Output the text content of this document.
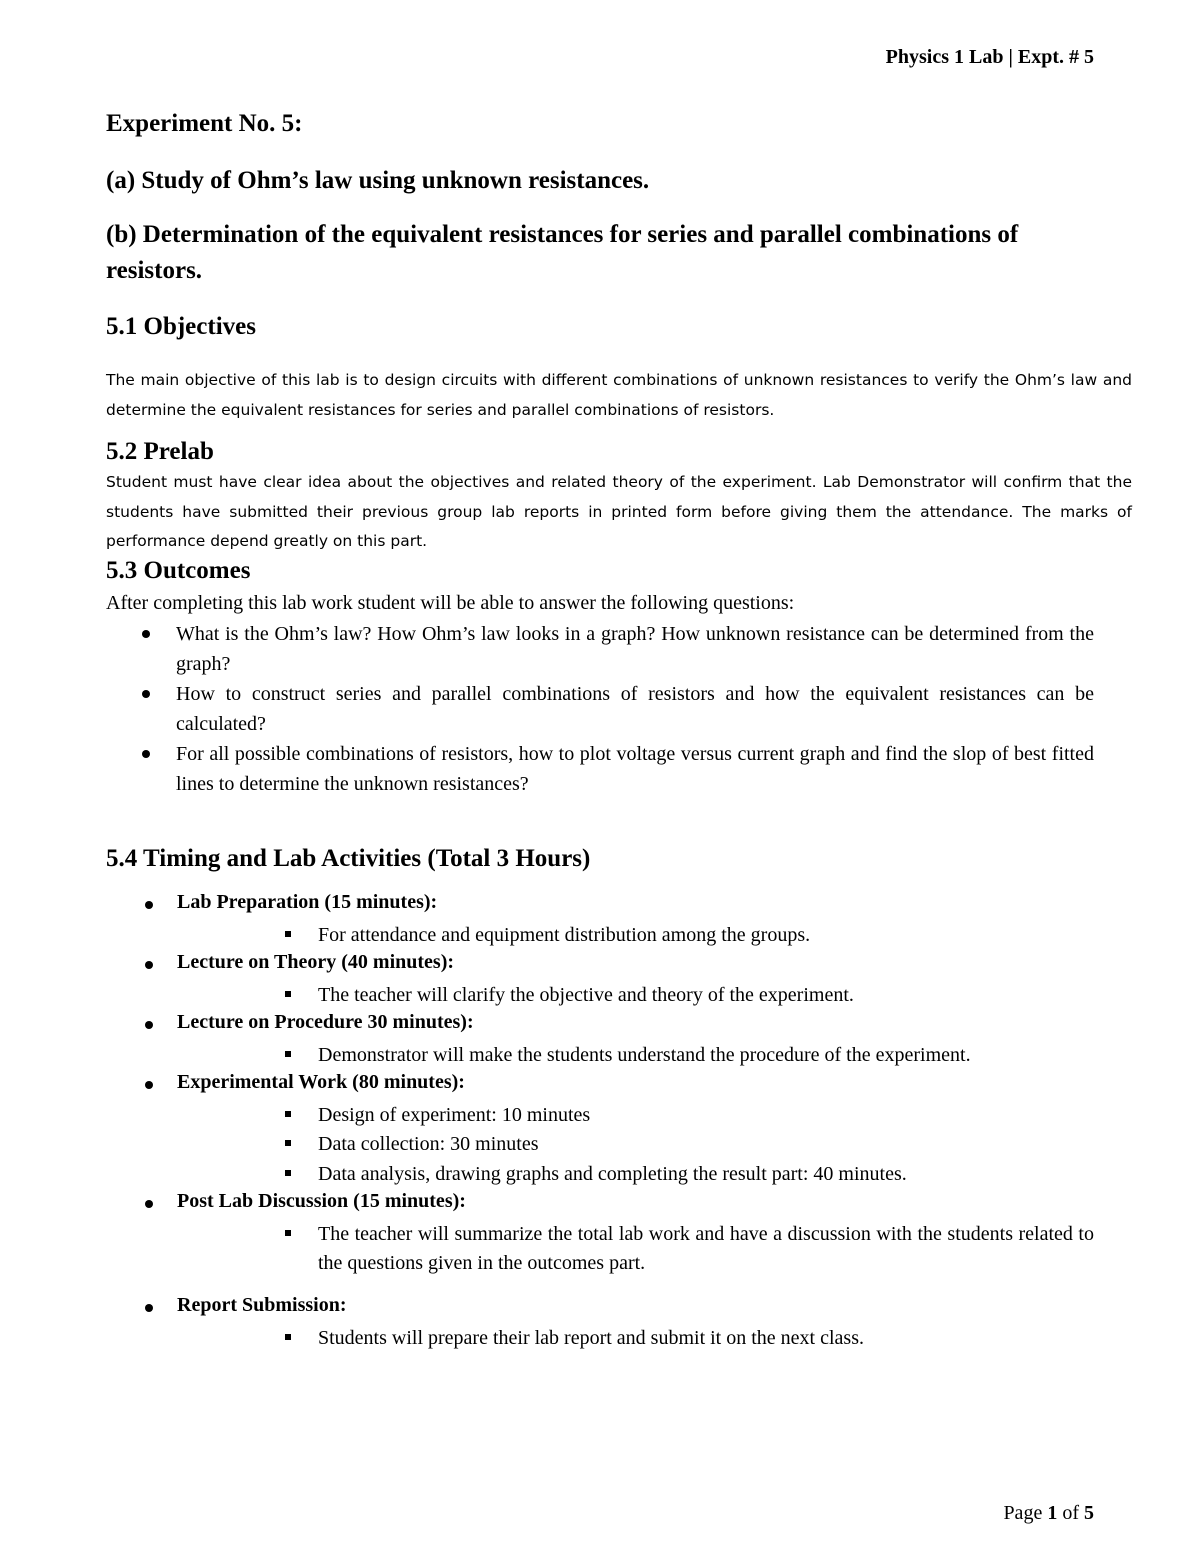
Physics 1 Lab | Expt. # 5
Experiment No. 5:
(a) Study of Ohm’s law using unknown resistances.
(b) Determination of the equivalent resistances for series and parallel combinations of resistors.
5.1 Objectives

The main objective of this lab is to design circuits with different combinations of unknown resistances to verify the Ohm’s law and determine the equivalent resistances for series and parallel combinations of resistors.

5.2 Prelab

Student must have clear idea about the objectives and related theory of the experiment. Lab Demonstrator will confirm that the students have submitted their previous group lab reports in printed form before giving them the attendance. The marks of performance depend greatly on this part.

5.3 Outcomes
After completing this lab work student will be able to answer the following questions:
What is the Ohm’s law? How Ohm’s law looks in a graph? How unknown resistance can be determined from the graph?
How to construct series and parallel combinations of resistors and how the equivalent resistances can be calculated?
For all possible combinations of resistors, how to plot voltage versus current graph and find the slop of best fitted lines to determine the unknown resistances?
5.4 Timing and Lab Activities (Total 3 Hours)
Lab Preparation (15 minutes):
For attendance and equipment distribution among the groups.
Lecture on Theory (40 minutes):
The teacher will clarify the objective and theory of the experiment.
Lecture on Procedure 30 minutes):
Demonstrator will make the students understand the procedure of the experiment.
Experimental Work (80 minutes):
Design of experiment: 10 minutes
Data collection: 30 minutes
Data analysis, drawing graphs and completing the result part: 40 minutes.
Post Lab Discussion (15 minutes):
The teacher will summarize the total lab work and have a discussion with the students related to the questions given in the outcomes part.
Report Submission:
Students will prepare their lab report and submit it on the next class.
Page 1 of 5
